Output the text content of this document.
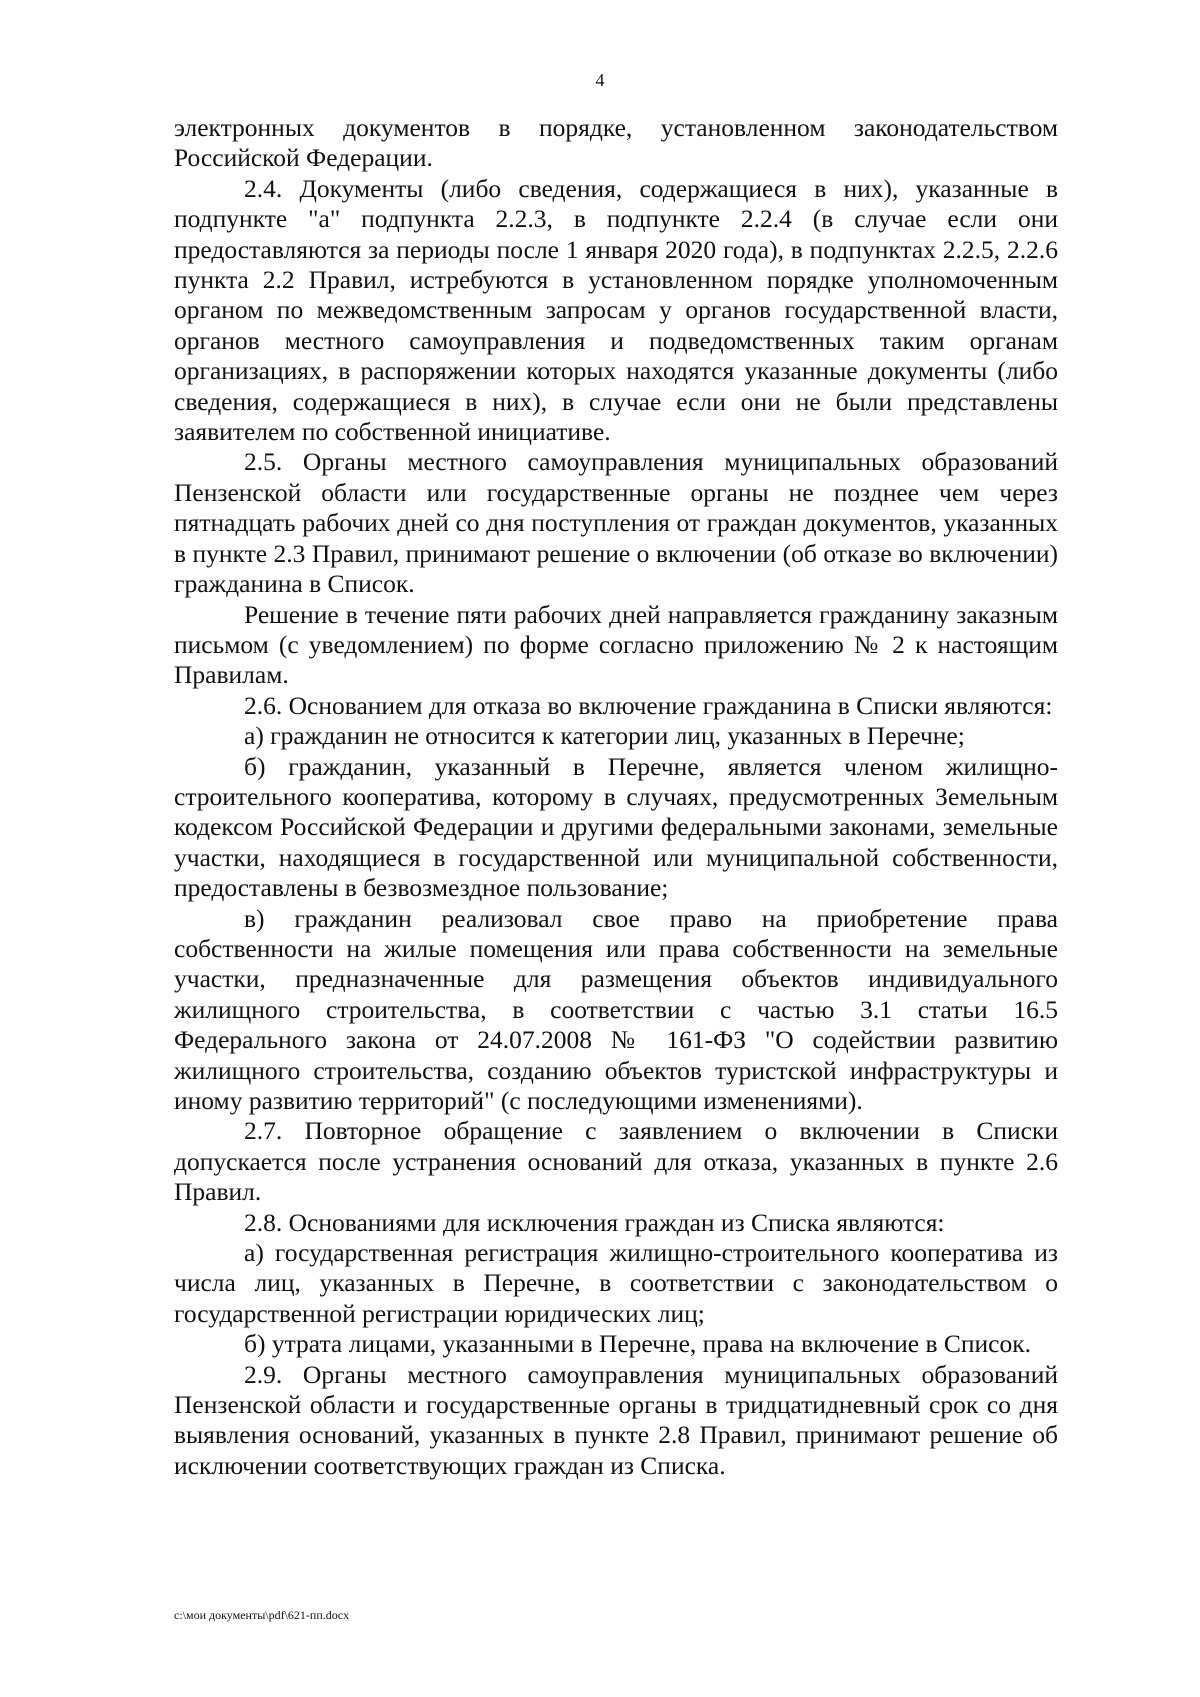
4

электронных документов в порядке, установленном законодательством Российской Федерации.

2.4. Документы (либо сведения, содержащиеся в них), указанные в подпункте "а" подпункта 2.2.3, в подпункте 2.2.4 (в случае если они предоставляются за периоды после 1 января 2020 года), в подпунктах 2.2.5, 2.2.6 пункта 2.2 Правил, истребуются в установленном порядке уполномоченным органом по межведомственным запросам у органов государственной власти, органов местного самоуправления и подведомственных таким органам организациях, в распоряжении которых находятся указанные документы (либо сведения, содержащиеся в них), в случае если они не были представлены заявителем по собственной инициативе.

2.5. Органы местного самоуправления муниципальных образований Пензенской области или государственные органы не позднее чем через пятнадцать рабочих дней со дня поступления от граждан документов, указанных в пункте 2.3 Правил, принимают решение о включении (об отказе во включении) гражданина в Список.

Решение в течение пяти рабочих дней направляется гражданину заказным письмом (с уведомлением) по форме согласно приложению № 2 к настоящим Правилам.

2.6. Основанием для отказа во включение гражданина в Списки являются:

а) гражданин не относится к категории лиц, указанных в Перечне;

б) гражданин, указанный в Перечне, является членом жилищно-строительного кооператива, которому в случаях, предусмотренных Земельным кодексом Российской Федерации и другими федеральными законами, земельные участки, находящиеся в государственной или муниципальной собственности, предоставлены в безвозмездное пользование;

в) гражданин реализовал свое право на приобретение права собственности на жилые помещения или права собственности на земельные участки, предназначенные для размещения объектов индивидуального жилищного строительства, в соответствии с частью 3.1 статьи 16.5 Федерального закона от 24.07.2008 № 161-ФЗ "О содействии развитию жилищного строительства, созданию объектов туристской инфраструктуры и иному развитию территорий" (с последующими изменениями).

2.7. Повторное обращение с заявлением о включении в Списки допускается после устранения оснований для отказа, указанных в пункте 2.6 Правил.

2.8. Основаниями для исключения граждан из Списка являются:

а) государственная регистрация жилищно-строительного кооператива из числа лиц, указанных в Перечне, в соответствии с законодательством о государственной регистрации юридических лиц;

б) утрата лицами, указанными в Перечне, права на включение в Список.

2.9. Органы местного самоуправления муниципальных образований Пензенской области и государственные органы в тридцатидневный срок со дня выявления оснований, указанных в пункте 2.8 Правил, принимают решение об исключении соответствующих граждан из Списка.

c:\мои документы\pdf\621-пп.docx
